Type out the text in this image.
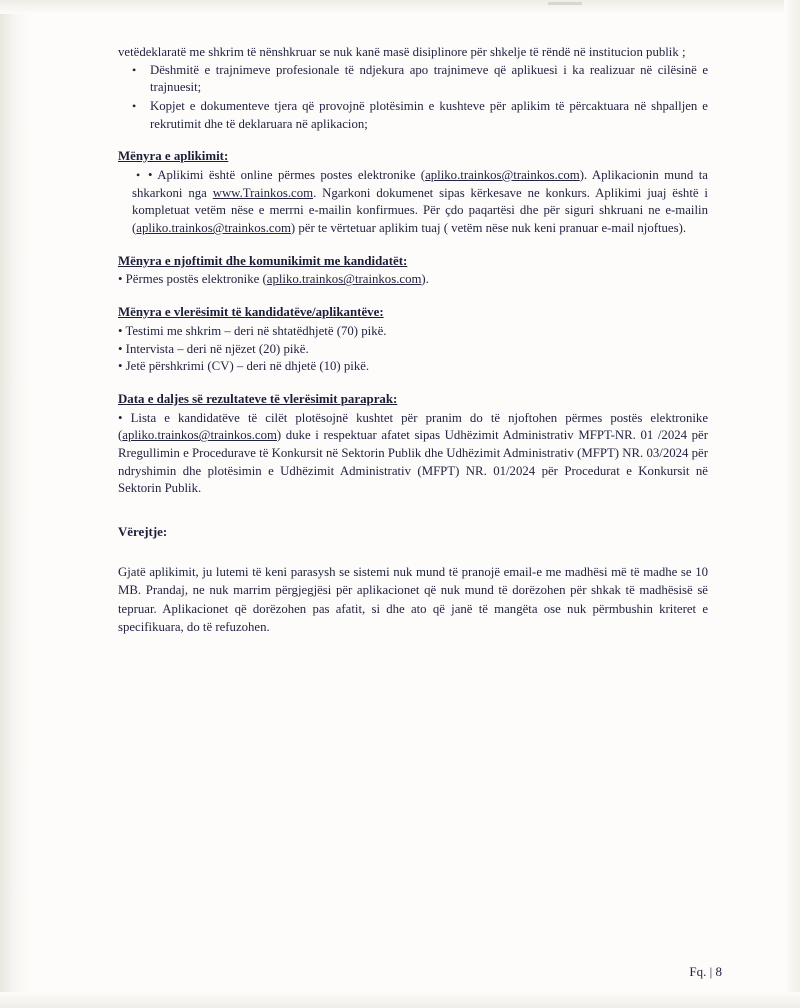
vetëdeklaratë me shkrim të nënshkruar se nuk kanë masë disiplinore për shkelje të rëndë në institucion publik ;

• Dëshmitë e trajnimeve profesionale të ndjekura apo trajnimeve që aplikuesi i ka realizuar në cilësinë e trajnuesit;
• Kopjet e dokumenteve tjera që provojnë plotësimin e kushteve për aplikim të përcaktuara në shpalljen e rekrutimit dhe të deklaruara në aplikacion;
Mënyra e aplikimit:
• • Aplikimi është online përmes postes elektronike (apliko.trainkos@trainkos.com). Aplikacionin mund ta shkarkoni nga www.Trainkos.com. Ngarkoni dokumenet sipas kërkesave ne konkurs. Aplikimi juaj është i kompletuat vetëm nëse e merrni e-mailin konfirmues. Për çdo paqartësi dhe për siguri shkruani ne e-mailin (apliko.trainkos@trainkos.com) për te vërtetuar aplikim tuaj ( vetëm nëse nuk keni pranuar e-mail njoftues).
Mënyra e njoftimit dhe komunikimit me kandidatët:
• Përmes postës elektronike (apliko.trainkos@trainkos.com).
Mënyra e vlerësimit të kandidatëve/aplikantëve:
• Testimi me shkrim – deri në shtatëdhjetë (70) pikë.
• Intervista – deri në njëzet (20) pikë.
• Jetë përshkrimi (CV) – deri në dhjetë (10) pikë.
Data e daljes së rezultateve të vlerësimit paraprak:
• Lista e kandidatëve të cilët plotësojnë kushtet për pranim do të njoftohen përmes postës elektronike (apliko.trainkos@trainkos.com) duke i respektuar afatet sipas Udhëzimit Administrativ MFPT-NR. 01 /2024 për Rregullimin e Procedurave të Konkursit në Sektorin Publik dhe Udhëzimit Administrativ (MFPT) NR. 03/2024 për ndryshimin dhe plotësimin e Udhëzimit Administrativ (MFPT) NR. 01/2024 për Procedurat e Konkursit në Sektorin Publik.
Vërejtje:
Gjatë aplikimit, ju lutemi të keni parasysh se sistemi nuk mund të pranojë email-e me madhësi më të madhe se 10 MB. Prandaj, ne nuk marrim përgjegjësi për aplikacionet që nuk mund të dorëzohen për shkak të madhësisë së tepruar. Aplikacionet që dorëzohen pas afatit, si dhe ato që janë të mangëta ose nuk përmbushin kriteret e specifikuara, do të refuzohen.
Fq. | 8
